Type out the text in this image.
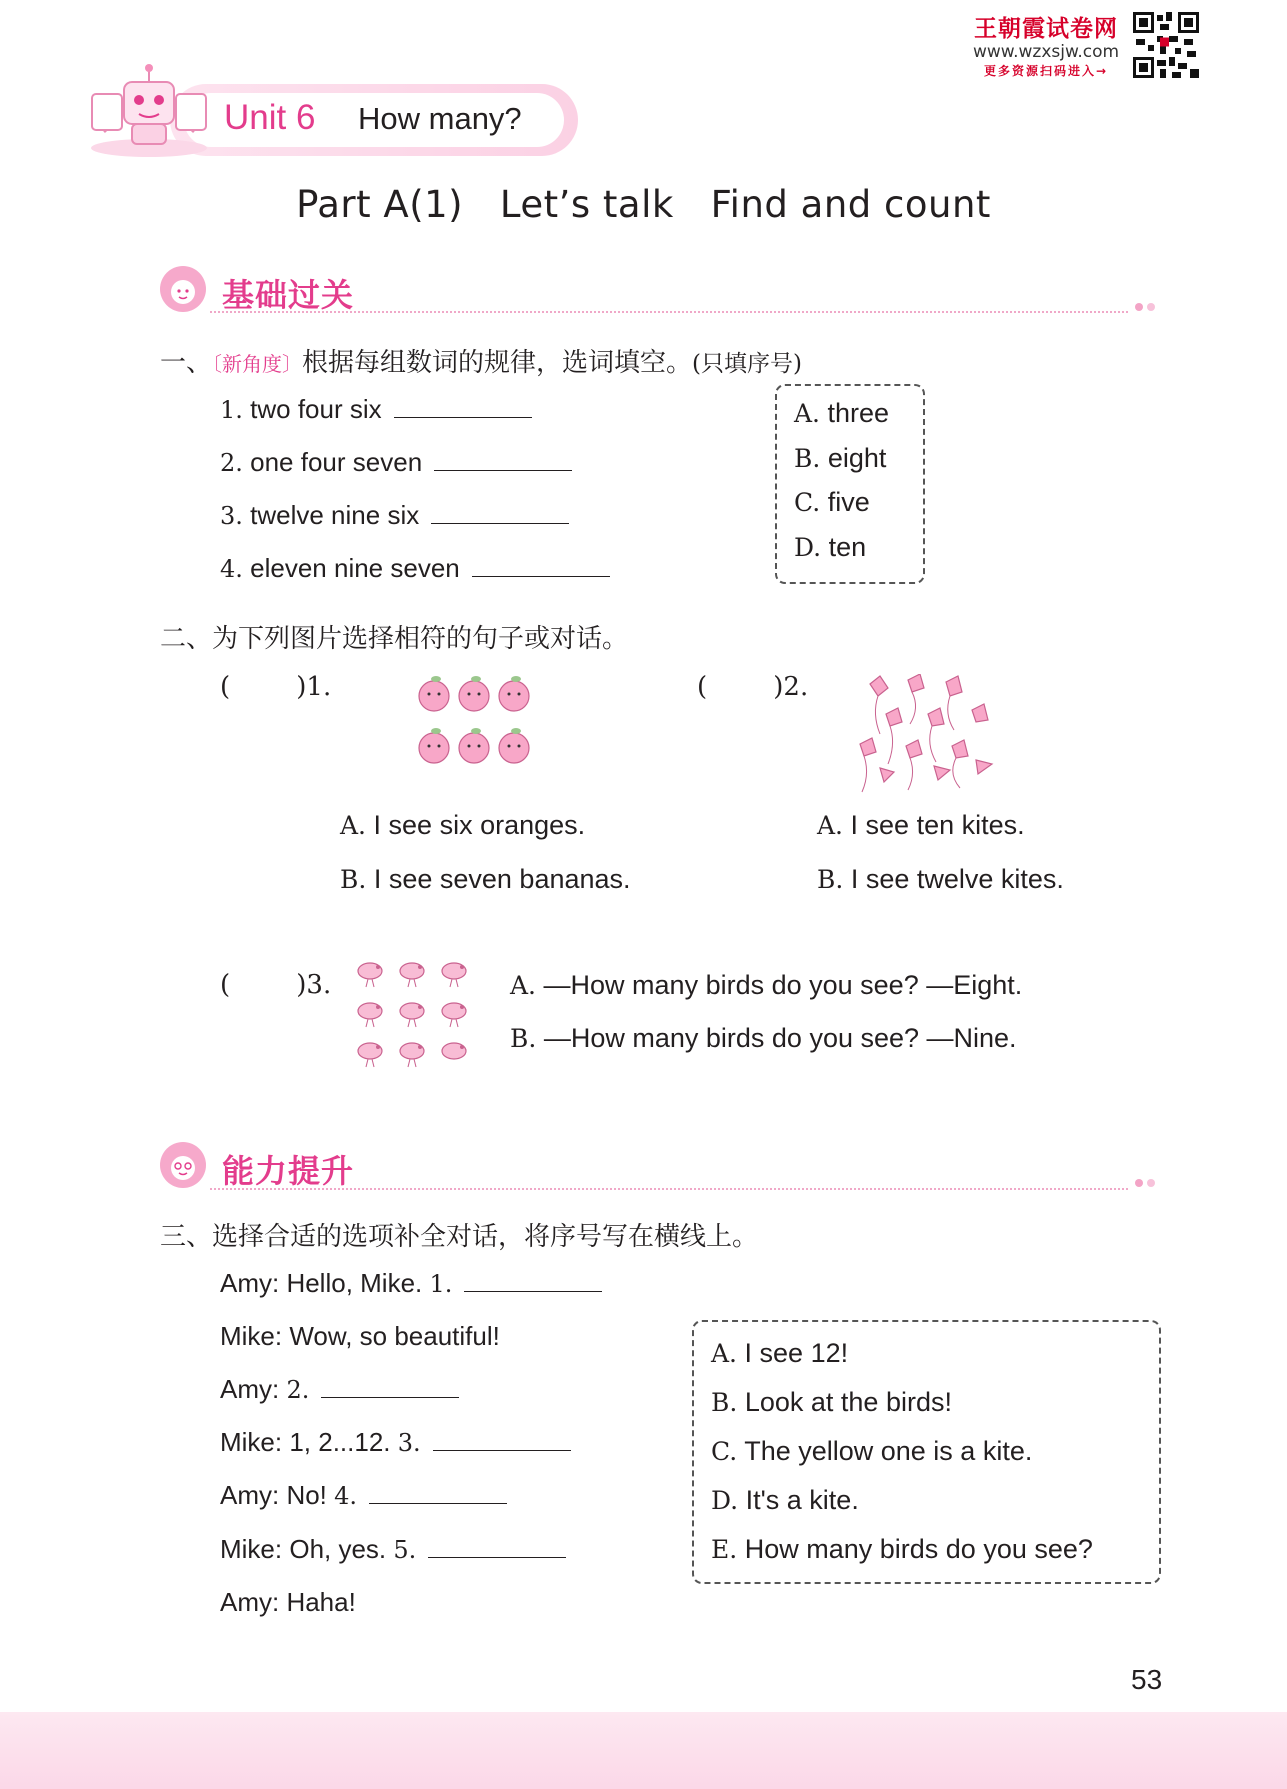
王朝霞试卷网
www.wzxsjw.com
更多资源扫码进入→
Unit 6 How many?
Part A(1)   Let’s talk   Find and count
基础过关
一、〔新角度〕根据每组数词的规律，选词填空。(只填序号)
1. two four six
2. one four seven
3. twelve nine six
4. eleven nine seven
A. three
B. eight
C. five
D. ten
二、为下列图片选择相符的句子或对话。
(        )1.
A. I see six oranges.
B. I see seven bananas.
(        )2.
A. I see ten kites.
B. I see twelve kites.
(        )3.	A. —How many birds do you see? —Eight.
B. —How many birds do you see? —Nine.
能力提升
三、选择合适的选项补全对话，将序号写在横线上。
Amy: Hello, Mike. 1.
Mike: Wow, so beautiful!
Amy: 2.
Mike: 1, 2...12. 3.
Amy: No! 4.
Mike: Oh, yes. 5.
Amy: Haha!
A. I see 12!
B. Look at the birds!
C. The yellow one is a kite.
D. It's a kite.
E. How many birds do you see?
53
